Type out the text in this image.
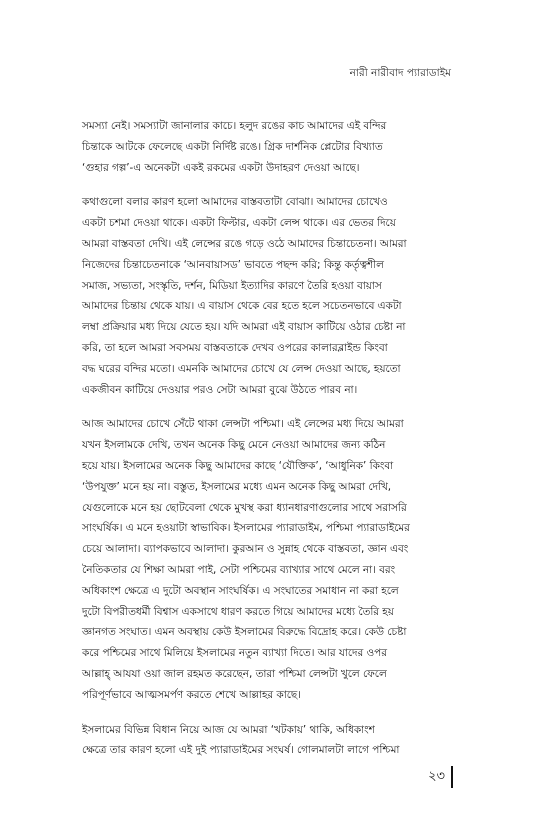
নারী নারীবাদ প্যারাডাইম

সমস্যা নেই। সমস্যাটা জানালার কাচে। হলুদ রঙের কাচ আমাদের এই বন্দির
চিন্তাকে আটকে ফেলেছে একটা নির্দিষ্ট রঙে। গ্রিক দার্শনিক প্লেটোর বিখ্যাত
‘গুহার গল্প’-এ অনেকটা একই রকমের একটা উদাহরণ দেওয়া আছে।

কথাগুলো বলার কারণ হলো আমাদের বাস্তবতাটা বোঝা। আমাদের চোখেও
একটা চশমা দেওয়া থাকে। একটা ফিল্টার, একটা লেন্স থাকে। এর ভেতর দিয়ে
আমরা বাস্তবতা দেখি। এই লেন্সের রঙে গড়ে ওঠে আমাদের চিন্তাচেতনা। আমরা
নিজেদের চিন্তাচেতনাকে ‘আনবায়াসড’ ভাবতে পছন্দ করি; কিন্তু কর্তৃত্বশীল
সমাজ, সভ্যতা, সংস্কৃতি, দর্শন, মিডিয়া ইত্যাদির কারণে তৈরি হওয়া বায়াস
আমাদের চিন্তায় থেকে যায়। এ বায়াস থেকে বের হতে হলে সচেতনভাবে একটা
লম্বা প্রক্রিয়ার মধ্য দিয়ে যেতে হয়। যদি আমরা এই বায়াস কাটিয়ে ওঠার চেষ্টা না
করি, তা হলে আমরা সবসময় বাস্তবতাকে দেখব ওপরের কালারব্লাইন্ড কিংবা
বদ্ধ ঘরের বন্দির মতো। এমনকি আমাদের চোখে যে লেন্স দেওয়া আছে, হয়তো
একজীবন কাটিয়ে দেওয়ার পরও সেটা আমরা বুঝে উঠতে পারব না।

আজ আমাদের চোখে সেঁটে থাকা লেন্সটা পশ্চিমা। এই লেন্সের মধ্য দিয়ে আমরা
যখন ইসলামকে দেখি, তখন অনেক কিছু মেনে নেওয়া আমাদের জন্য কঠিন
হয়ে যায়। ইসলামের অনেক কিছু আমাদের কাছে ‘যৌক্তিক’, ‘আধুনিক’ কিংবা
‘উপযুক্ত’ মনে হয় না। বস্তুত, ইসলামের মধ্যে এমন অনেক কিছু আমরা দেখি,
যেগুলোকে মনে হয় ছোটবেলা থেকে মুখস্থ করা ধ্যানধারণাগুলোর সাথে সরাসরি
সাংঘর্ষিক। এ মনে হওয়াটা স্বাভাবিক। ইসলামের প্যারাডাইম, পশ্চিমা প্যারাডাইমের
চেয়ে আলাদা। ব্যাপকভাবে আলাদা। কুরআন ও সুন্নাহ থেকে বাস্তবতা, জ্ঞান এবং
নৈতিকতার যে শিক্ষা আমরা পাই, সেটা পশ্চিমের ব্যাখ্যার সাথে মেলে না। বরং
অধিকাংশ ক্ষেত্রে এ দুটো অবস্থান সাংঘর্ষিক। এ সংঘাতের সমাধান না করা হলে
দুটো বিপরীতধর্মী বিশ্বাস একসাথে ধারণ করতে গিয়ে আমাদের মধ্যে তৈরি হয়
জ্ঞানগত সংঘাত। এমন অবস্থায় কেউ ইসলামের বিরুদ্ধে বিদ্রোহ করে। কেউ চেষ্টা
করে পশ্চিমের সাথে মিলিয়ে ইসলামের নতুন ব্যাখ্যা দিতে। আর যাদের ওপর
আল্লাহ্‌ আযযা ওয়া জাল রহমত করেছেন, তারা পশ্চিমা লেন্সটা খুলে ফেলে
পরিপূর্ণভাবে আত্মসমর্পণ করতে শেখে আল্লাহর কাছে।

ইসলামের বিভিন্ন বিধান নিয়ে আজ যে আমরা ‘খটকায়’ থাকি, অধিকাংশ
ক্ষেত্রে তার কারণ হলো এই দুই প্যারাডাইমের সংঘর্ষ। গোলমালটা লাগে পশ্চিমা

২৩
